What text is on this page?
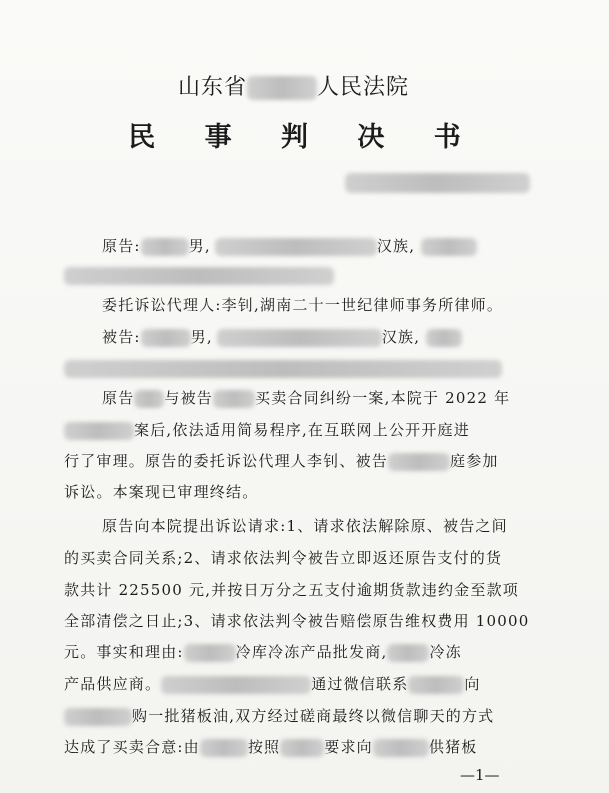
山东省	人民法院
民 事 判 决 书
原告:	男,	汉族,
委托诉讼代理人:李钊,湖南二十一世纪律师事务所律师。
被告:	男,	汉族,
原告 与被告	买卖合同纠纷一案,本院于 2022 年
案后,依法适用简易程序,在互联网上公开开庭进
行了审理。原告的委托诉讼代理人李钊、被告	庭参加
诉讼。本案现已审理终结。
原告向本院提出诉讼请求:1、请求依法解除原、被告之间
的买卖合同关系;2、请求依法判令被告立即返还原告支付的货
款共计 225500 元,并按日万分之五支付逾期货款违约金至款项
全部清偿之日止;3、请求依法判令被告赔偿原告维权费用 10000
元。事实和理由:	冷库冷冻产品批发商,	冷冻
产品供应商。	通过微信联系	向
购一批猪板油,双方经过磋商最终以微信聊天的方式
达成了买卖合意:由	按照	要求向	供猪板
—1—
